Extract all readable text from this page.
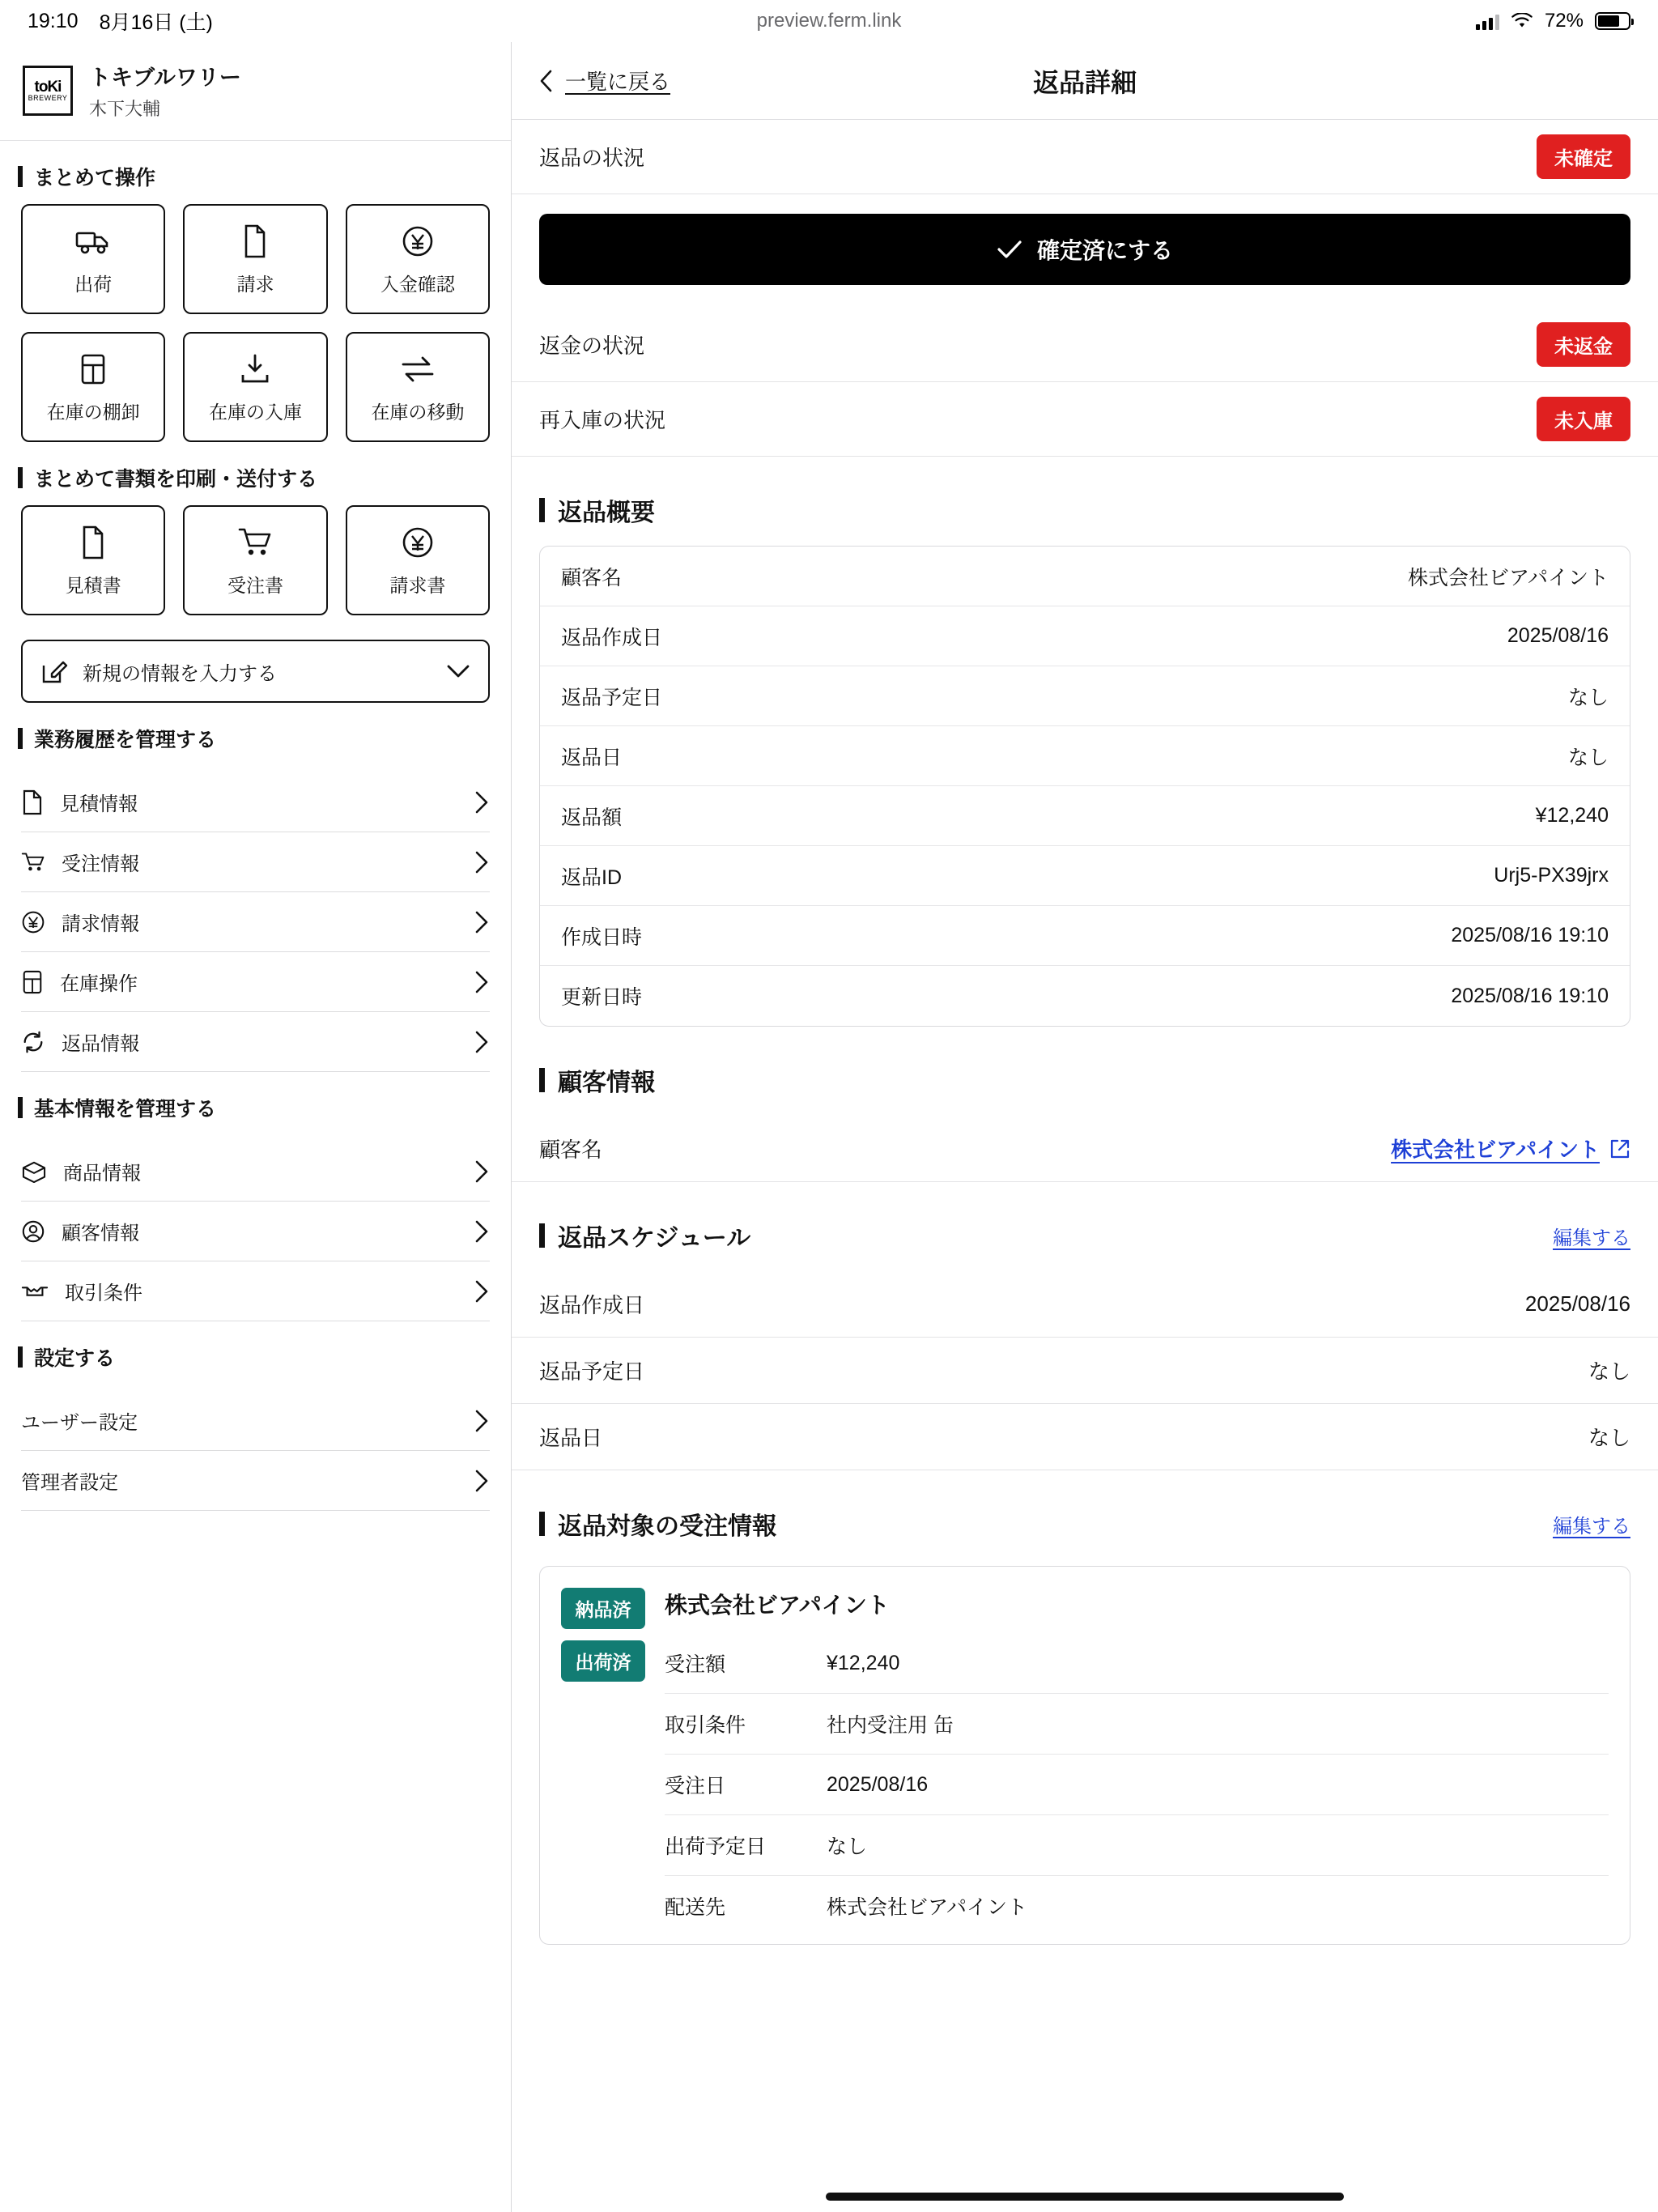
19:10 8月16日 (土)	preview.ferm.link	72%
toKi
BREWERY
トキブルワリー
木下大輔
まとめて操作
出荷	請求	入金確認
在庫の棚卸	在庫の入庫	在庫の移動
まとめて書類を印刷・送付する
見積書	受注書	請求書
新規の情報を入力する
業務履歴を管理する
見積情報
受注情報
請求情報
在庫操作
返品情報
基本情報を管理する
商品情報
顧客情報
取引条件
設定する
ユーザー設定
管理者設定
一覧に戻る	返品詳細
返品の状況	未確定
確定済にする
返金の状況	未返金
再入庫の状況	未入庫
返品概要
顧客名	株式会社ビアパイント
返品作成日	2025/08/16
返品予定日	なし
返品日	なし
返品額	¥12,240
返品ID	Urj5-PX39jrx
作成日時	2025/08/16 19:10
更新日時	2025/08/16 19:10
顧客情報
顧客名	株式会社ビアパイント
返品スケジュール	編集する
返品作成日	2025/08/16
返品予定日	なし
返品日	なし
返品対象の受注情報	編集する
納品済
出荷済
株式会社ビアパイント
受注額	¥12,240
取引条件	社内受注用 缶
受注日	2025/08/16
出荷予定日	なし
配送先	株式会社ビアパイント
